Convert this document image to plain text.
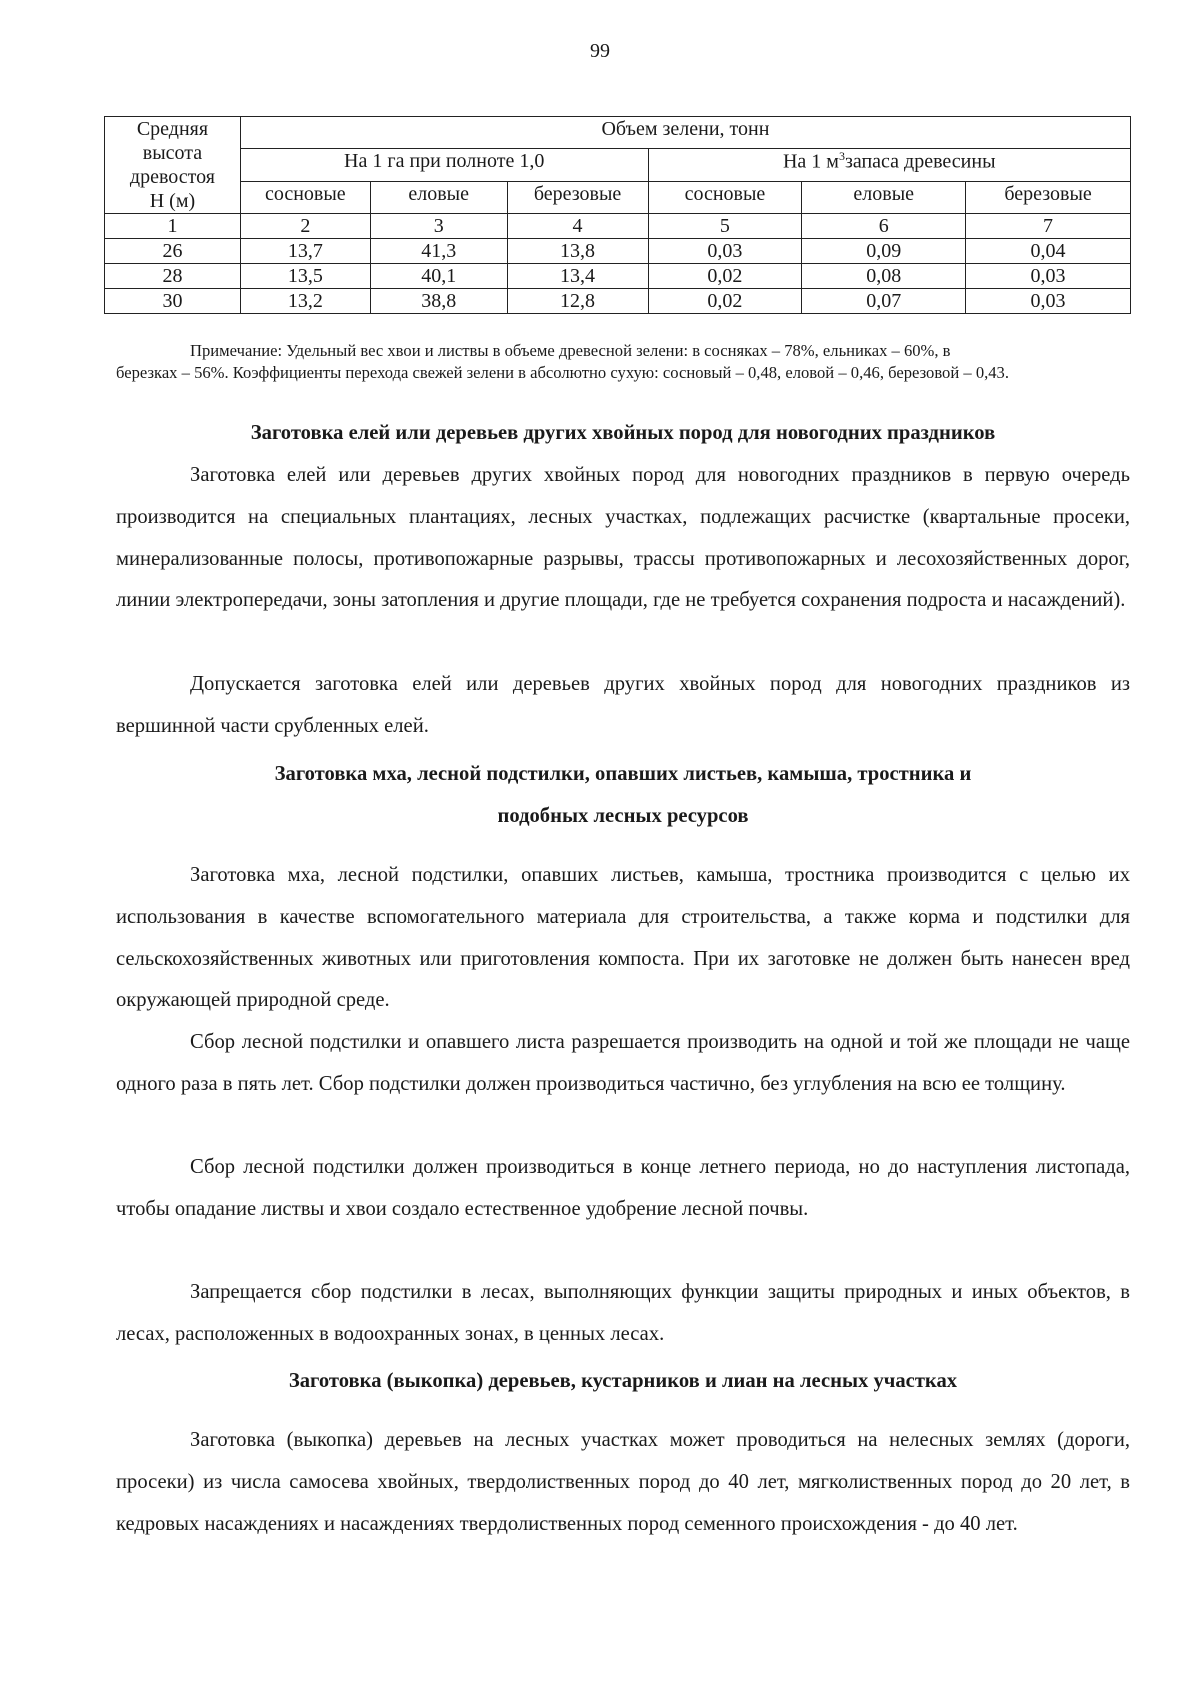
99
Средняя
высота
древостоя
Н (м)	Объем зелени, тонн					
	На 1 га при полноте 1,0			На 1 $м^3запаса$ древесины		
	сосновые	еловые	березовые	сосновые	еловые	березовые
1	2	3	4	5	6	7
26	13,7	41,3	13,8	0,03	0,09	0,04
28	13,5	40,1	13,4	0,02	0,08	0,03
30	13,2	38,8	12,8	0,02	0,07	0,03
Примечание: Удельный вес хвои и листвы в объеме древесной зелени: в сосняках – 78%, ельниках – 60%, в
березках – 56%. Коэффициенты перехода свежей зелени в абсолютно сухую: сосновый – 0,48, еловой – 0,46, березовой – 0,43.
Заготовка елей или деревьев других хвойных пород для новогодних праздников

Заготовка елей или деревьев других хвойных пород для новогодних праздников в первую очередь производится на специальных плантациях, лесных участках, подлежащих расчистке (квартальные просеки, минерализованные полосы, противопожарные разрывы, трассы противопожарных и лесохозяйственных дорог, линии электропередачи, зоны затопления и другие площади, где не требуется сохранения подроста и насаждений).

Допускается заготовка елей или деревьев других хвойных пород для новогодних праздников из вершинной части срубленных елей.

Заготовка мха, лесной подстилки, опавших листьев, камыша, тростника и
подобных лесных ресурсов

Заготовка мха, лесной подстилки, опавших листьев, камыша, тростника производится с целью их использования в качестве вспомогательного материала для строительства, а также корма и подстилки для сельскохозяйственных животных или приготовления компоста. При их заготовке не должен быть нанесен вред окружающей природной среде.

Сбор лесной подстилки и опавшего листа разрешается производить на одной и той же площади не чаще одного раза в пять лет. Сбор подстилки должен производиться частично, без углубления на всю ее толщину.

Сбор лесной подстилки должен производиться в конце летнего периода, но до наступления листопада, чтобы опадание листвы и хвои создало естественное удобрение лесной почвы.

Запрещается сбор подстилки в лесах, выполняющих функции защиты природных и иных объектов, в лесах, расположенных в водоохранных зонах, в ценных лесах.

Заготовка (выкопка) деревьев, кустарников и лиан на лесных участках

Заготовка (выкопка) деревьев на лесных участках может проводиться на нелесных землях (дороги, просеки) из числа самосева хвойных, твердолиственных пород до 40 лет, мягколиственных пород до 20 лет, в кедровых насаждениях и насаждениях твердолиственных пород семенного происхождения - до 40 лет.
